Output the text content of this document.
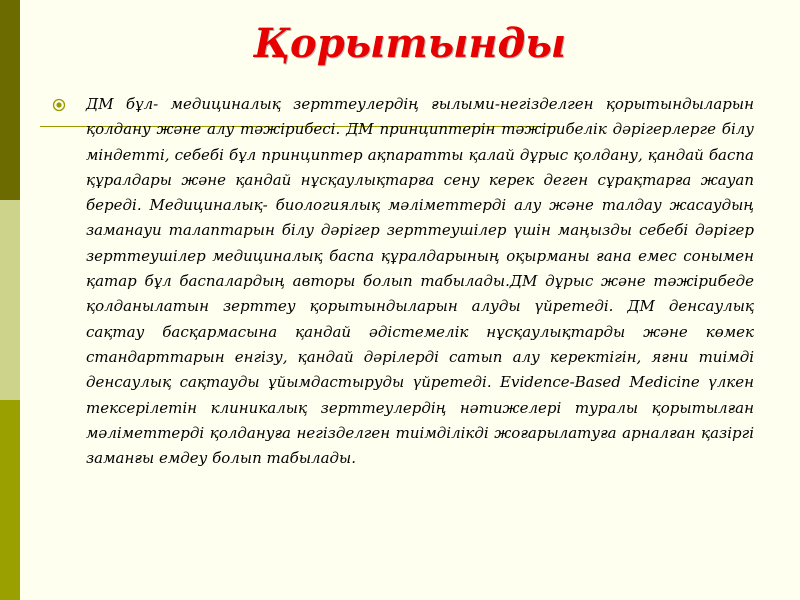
Қорытынды

ДМ бұл- медициналық зерттеулердің ғылыми-негізделген қорытындыларын қолдану және алу тәжірибесі. ДМ принциптерін тәжірибелік дәрігерлерге білу міндетті, себебі бұл принциптер ақпаратты қалай дұрыс қолдану, қандай баспа құралдары және қандай нұсқаулықтарға сену керек деген сұрақтарға жауап береді. Медициналық- биологиялық мәліметтерді алу және талдау жасаудың заманауи талаптарын білу дәрігер зерттеушілер үшін маңызды себебі дәрігер зерттеушілер медициналық баспа құралдарының оқырманы ғана емес сонымен қатар бұл баспалардың авторы болып табылады.ДМ дұрыс және тәжірибеде қолданылатын зерттеу қорытындыларын алуды үйретеді. ДМ денсаулық сақтау басқармасына қандай әдістемелік нұсқаулықтарды және көмек стандарттарын енгізу, қандай дәрілерді сатып алу керектігін, яғни тиімді денсаулық сақтауды ұйымдастыруды үйретеді. Evidence-Based Medicine үлкен тексерілетін клиникалық зерттеулердің нәтижелері туралы қорытылған мәліметтерді қолдануға негізделген тиімділікді жоғарылатуға арналған қазіргі заманғы емдеу болып табылады.
